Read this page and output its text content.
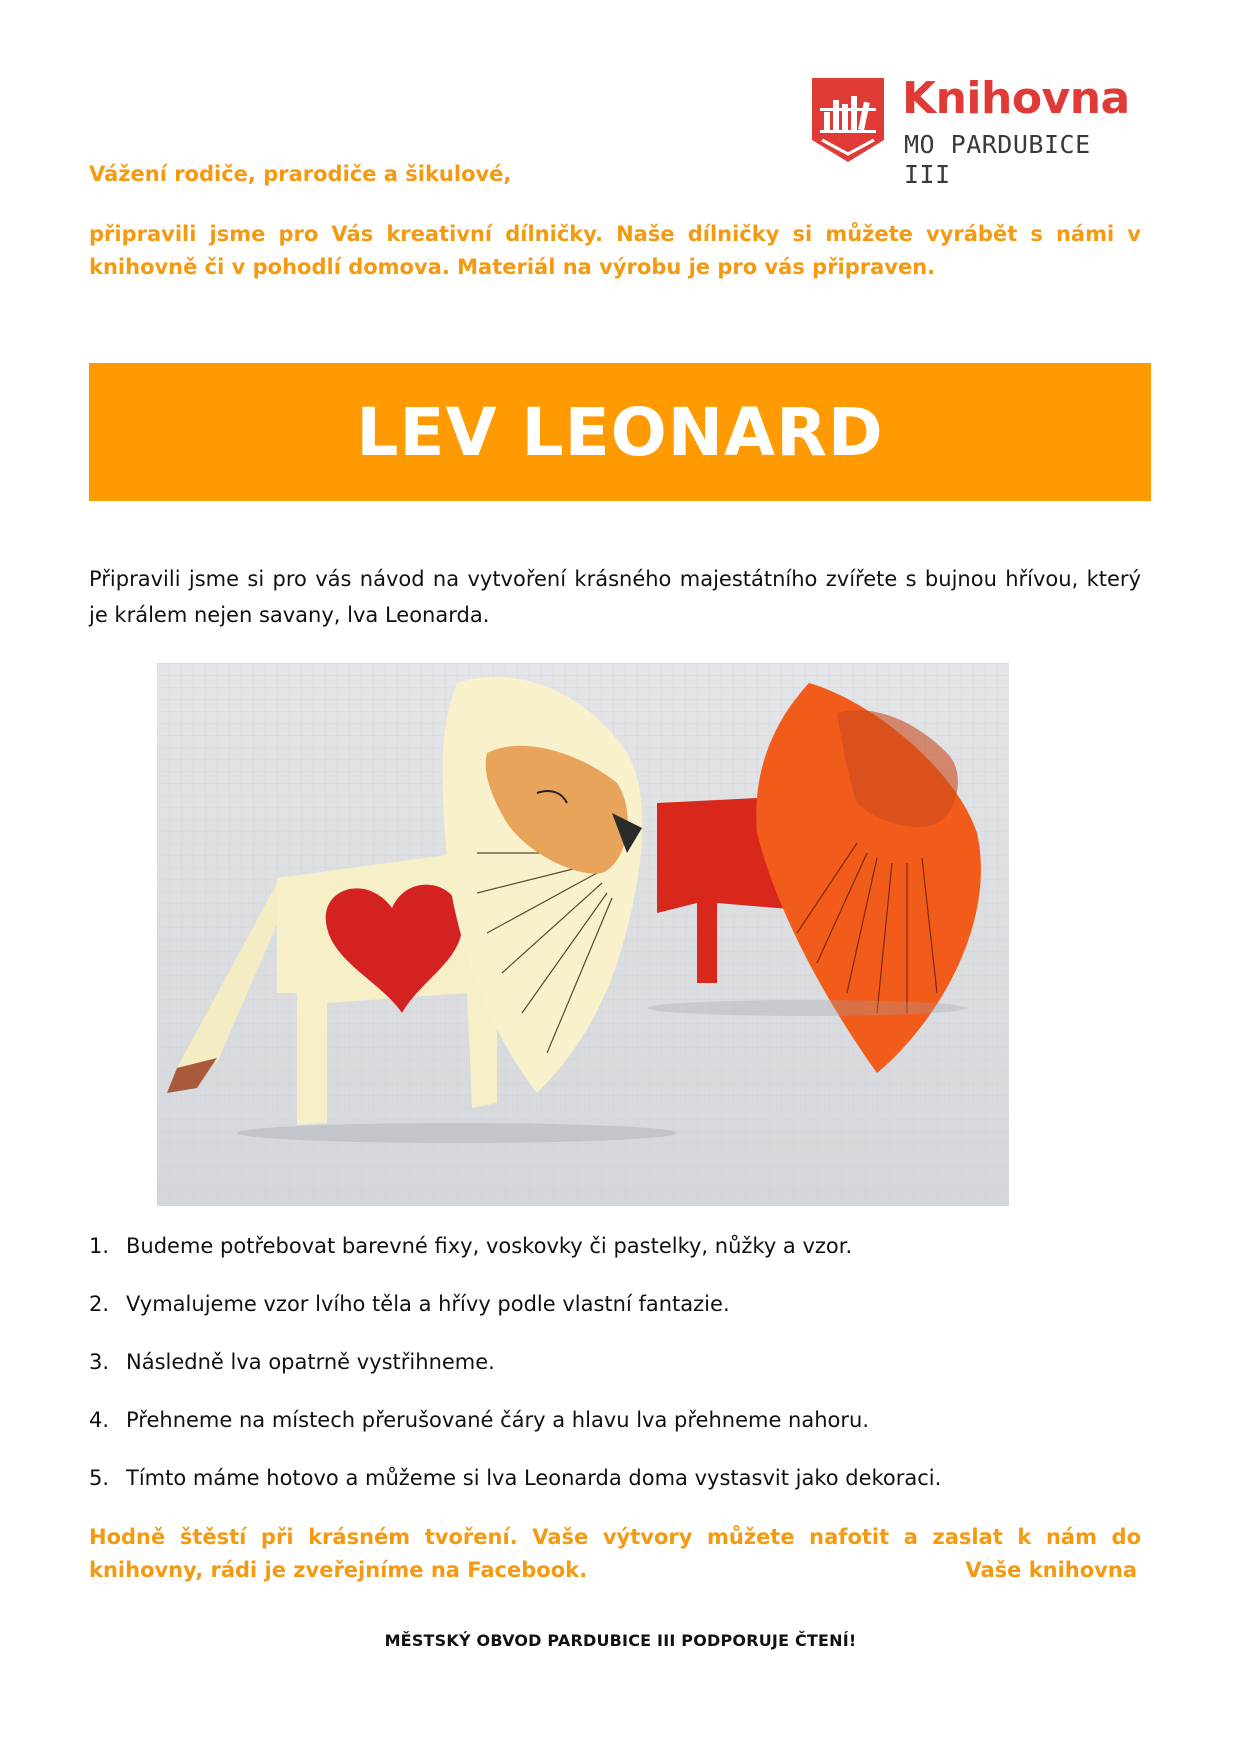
Knihovna
MO PARDUBICE III
Vážení rodiče, prarodiče a šikulové,
připravili jsme pro Vás kreativní dílničky. Naše dílničky si můžete vyrábět s námi v knihovně či v pohodlí domova. Materiál na výrobu je pro vás připraven.
LEV LEONARD
Připravili jsme si pro vás návod na vytvoření krásného majestátního zvířete s bujnou hřívou, který je králem nejen savany, lva Leonarda.
1. Budeme potřebovat barevné fixy, voskovky či pastelky, nůžky a vzor.
2. Vymalujeme vzor lvího těla a hřívy podle vlastní fantazie.
3. Následně lva opatrně vystřihneme.
4. Přehneme na místech přerušované čáry a hlavu lva přehneme nahoru.
5. Tímto máme hotovo a můžeme si lva Leonarda doma vystasvit jako dekoraci.
Hodně štěstí při krásném tvoření. Vaše výtvory můžete nafotit a zaslat k nám do knihovny, rádi je zveřejníme na Facebook.	Vaše knihovna
MĚSTSKÝ OBVOD PARDUBICE III PODPORUJE ČTENÍ!
